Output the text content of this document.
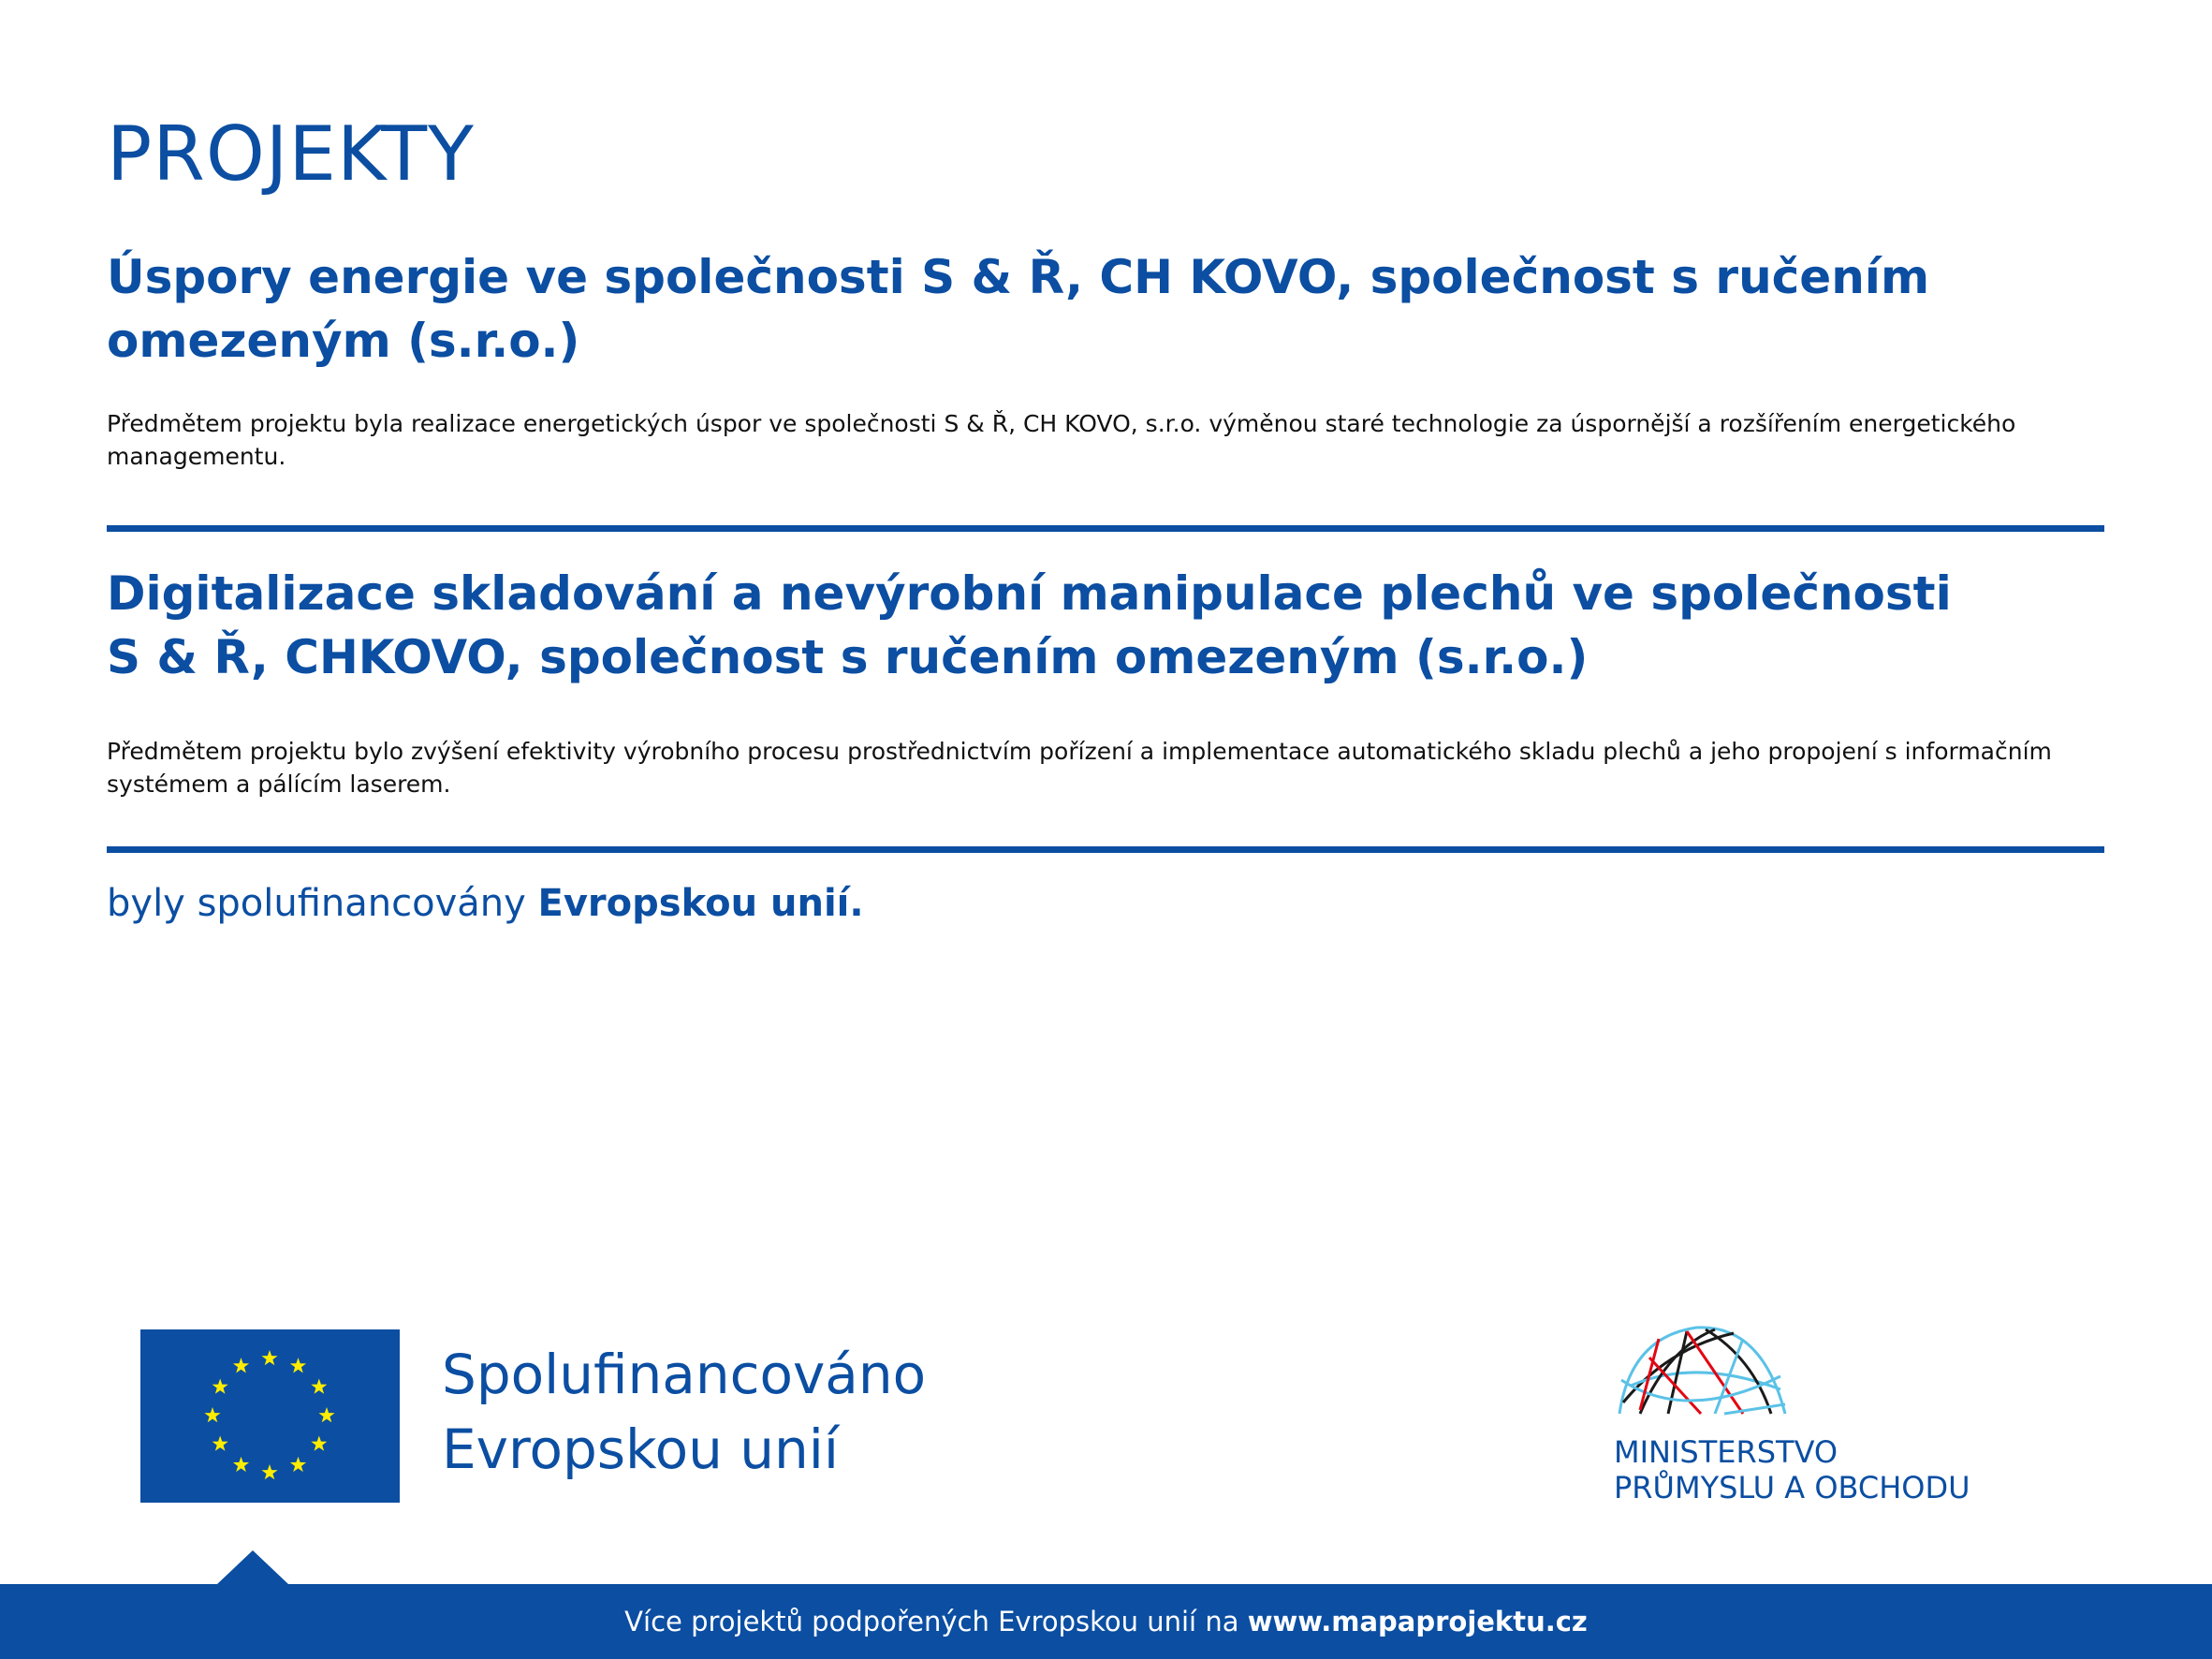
PROJEKTY
Úspory energie ve společnosti S & Ř, CH KOVO, společnost s ručením
omezeným (s.r.o.)

Předmětem projektu byla realizace energetických úspor ve společnosti S & Ř, CH KOVO, s.r.o. výměnou staré technologie za úspornější a rozšířením energetického
managementu.

Digitalizace skladování a nevýrobní manipulace plechů ve společnosti
S & Ř, CHKOVO, společnost s ručením omezeným (s.r.o.)

Předmětem projektu bylo zvýšení efektivity výrobního procesu prostřednictvím pořízení a implementace automatického skladu plechů a jeho propojení s informačním
systémem a pálícím laserem.

byly spolufinancovány Evropskou unií.

Spolufinancováno
Evropskou unií	MINISTERSTVO
PRŮMYSLU A OBCHODU

Více projektů podpořených Evropskou unií na www.mapaprojektu.cz
